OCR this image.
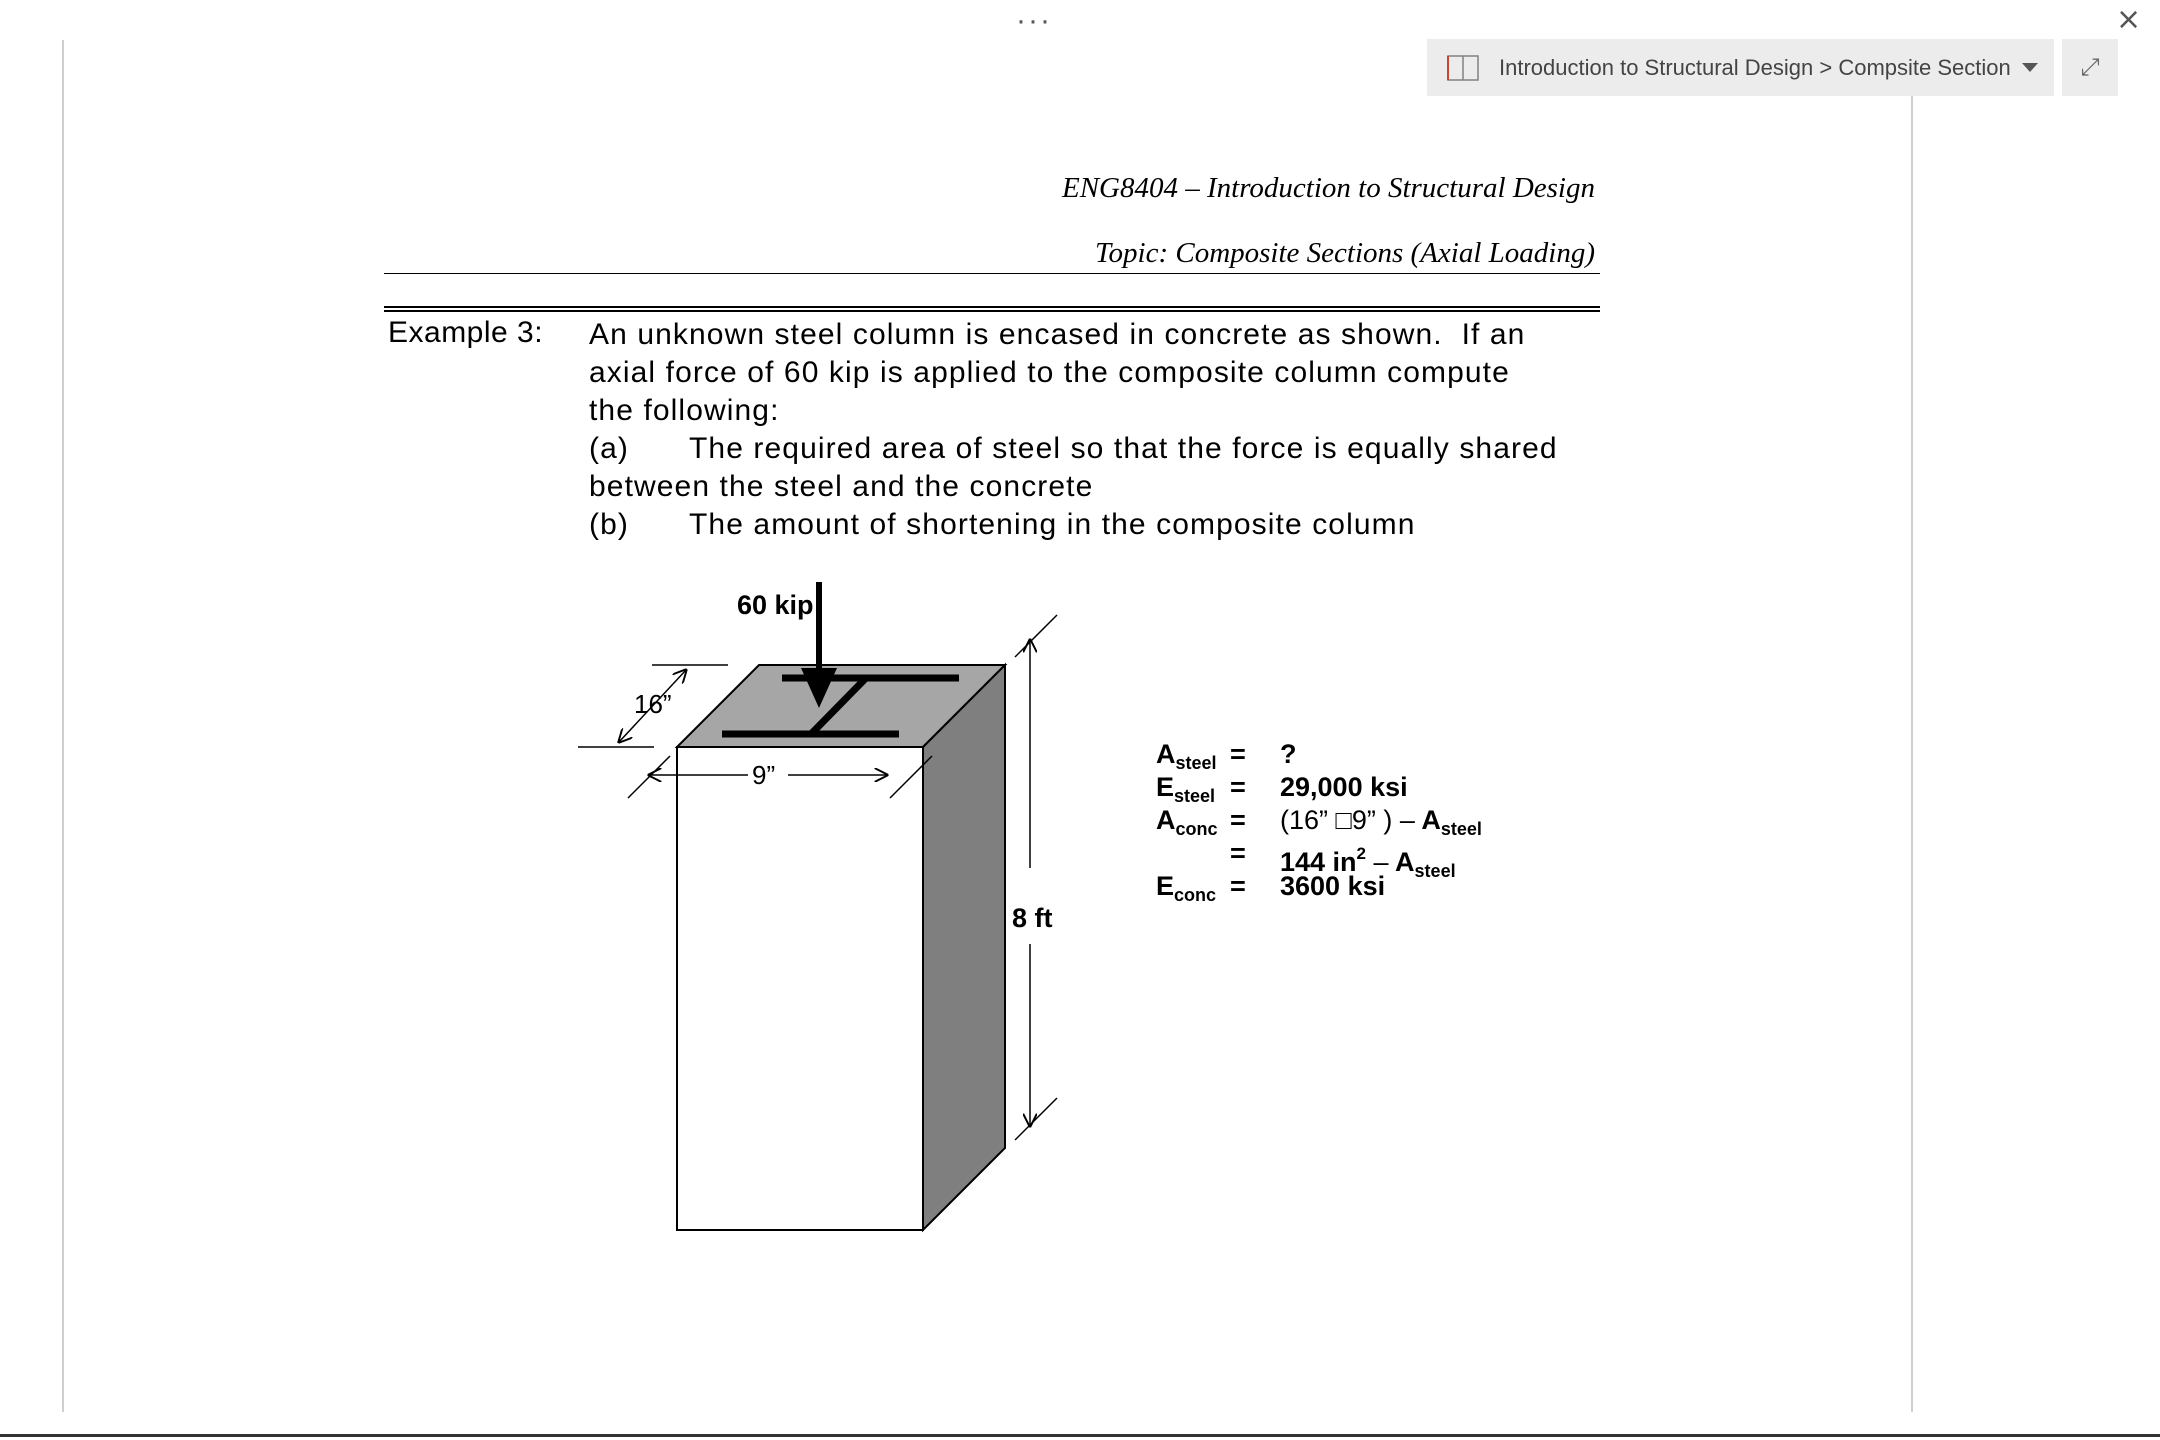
···	×
Introduction to Structural Design > Compsite Section	⤢
ENG8404 – Introduction to Structural Design
Topic: Composite Sections (Axial Loading)
Example 3: An unknown steel column is encased in concrete as shown.  If an
axial force of 60 kip is applied to the composite column compute
the following:
(a)	The required area of steel so that the force is equally shared
between the steel and the concrete
(b)	The amount of shortening in the composite column
60 kip
16”
9”
8 ft
$A_{steel}$ =	?
$E_{steel}$ =	29,000 ksi
$A_{conc}$ =	(16” □9” ) – $A_{steel}$
=	144 $in^2 - A_{steel}$
$E_{conc}$ =	3600 ksi
